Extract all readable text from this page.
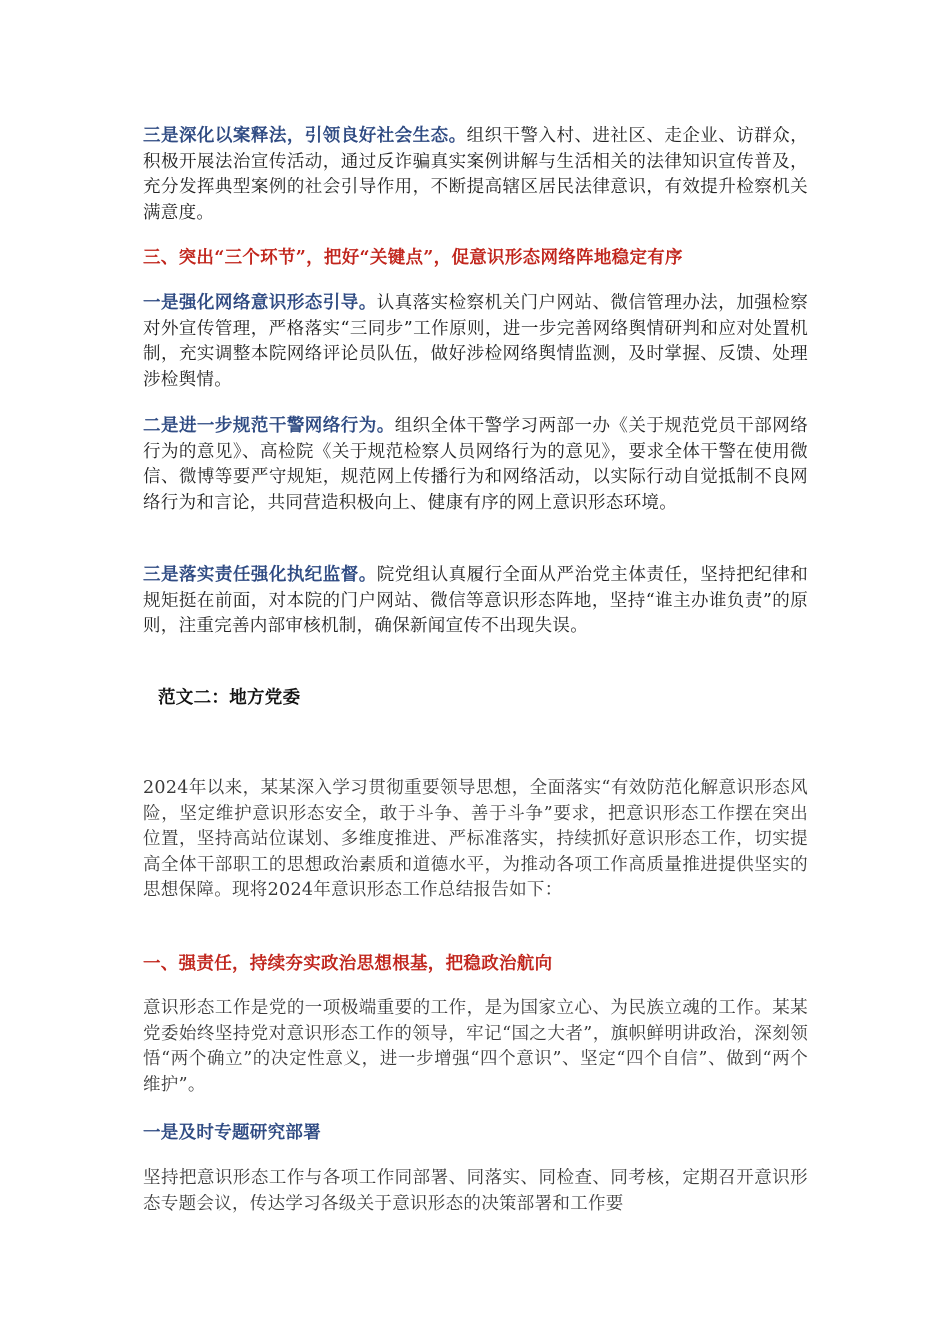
三是深化以案释法，引领良好社会生态。组织干警入村、进社区、走企业、访群众，积极开展法治宣传活动，通过反诈骗真实案例讲解与生活相关的法律知识宣传普及，充分发挥典型案例的社会引导作用，不断提高辖区居民法律意识，有效提升检察机关满意度。

三、突出“三个环节”，把好“关键点”，促意识形态网络阵地稳定有序

一是强化网络意识形态引导。认真落实检察机关门户网站、微信管理办法，加强检察对外宣传管理，严格落实“三同步”工作原则，进一步完善网络舆情研判和应对处置机制，充实调整本院网络评论员队伍，做好涉检网络舆情监测，及时掌握、反馈、处理涉检舆情。

二是进一步规范干警网络行为。组织全体干警学习两部一办《关于规范党员干部网络行为的意见》、高检院《关于规范检察人员网络行为的意见》，要求全体干警在使用微信、微博等要严守规矩，规范网上传播行为和网络活动，以实际行动自觉抵制不良网络行为和言论，共同营造积极向上、健康有序的网上意识形态环境。

三是落实责任强化执纪监督。院党组认真履行全面从严治党主体责任，坚持把纪律和规矩挺在前面，对本院的门户网站、微信等意识形态阵地，坚持“谁主办谁负责”的原则，注重完善内部审核机制，确保新闻宣传不出现失误。

范文二：地方党委

2024年以来，某某深入学习贯彻重要领导思想，全面落实“有效防范化解意识形态风险，坚定维护意识形态安全，敢于斗争、善于斗争”要求，把意识形态工作摆在突出位置，坚持高站位谋划、多维度推进、严标准落实，持续抓好意识形态工作，切实提高全体干部职工的思想政治素质和道德水平，为推动各项工作高质量推进提供坚实的思想保障。现将2024年意识形态工作总结报告如下：

一、强责任，持续夯实政治思想根基，把稳政治航向

意识形态工作是党的一项极端重要的工作，是为国家立心、为民族立魂的工作。某某党委始终坚持党对意识形态工作的领导，牢记“国之大者”，旗帜鲜明讲政治，深刻领悟“两个确立”的决定性意义，进一步增强“四个意识”、坚定“四个自信”、做到“两个维护”。

一是及时专题研究部署

坚持把意识形态工作与各项工作同部署、同落实、同检查、同考核，定期召开意识形态专题会议，传达学习各级关于意识形态的决策部署和工作要
